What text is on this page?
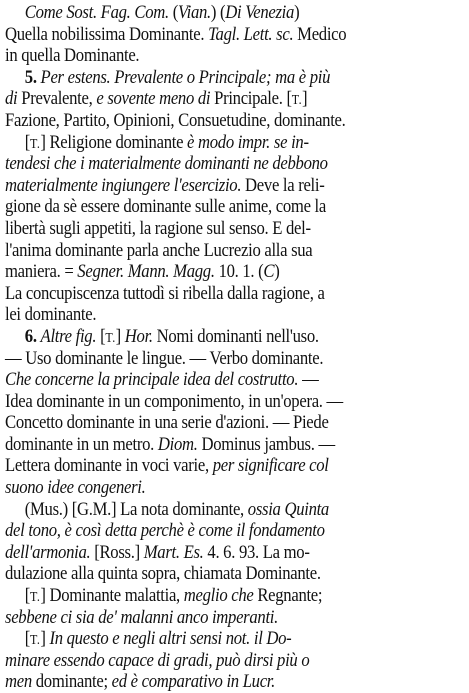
Come Sost. Fag. Com. (Vian.) (Di Venezia)
Quella nobilissima Dominante. Tagl. Lett. sc. Medico
in quella Dominante.
5. Per estens. Prevalente o Principale; ma è più
di Prevalente, e sovente meno di Principale. [T.]
Fazione, Partito, Opinioni, Consuetudine, dominante.
[T.] Religione dominante è modo impr. se in-
tendesi che i materialmente dominanti ne debbono
materialmente ingiungere l'esercizio. Deve la reli-
gione da sè essere dominante sulle anime, come la
libertà sugli appetiti, la ragione sul senso. E del-
l'anima dominante parla anche Lucrezio alla sua
maniera. = Segner. Mann. Magg. 10. 1. (C)
La concupiscenza tuttodì si ribella dalla ragione, a
lei dominante.
6. Altre fig. [T.] Hor. Nomi dominanti nell'uso.
— Uso dominante le lingue. — Verbo dominante.
Che concerne la principale idea del costrutto. —
Idea dominante in un componimento, in un'opera. —
Concetto dominante in una serie d'azioni. — Piede
dominante in un metro. Diom. Dominus jambus. —
Lettera dominante in voci varie, per significare col
suono idee congeneri.
(Mus.) [G.M.] La nota dominante, ossia Quinta
del tono, è così detta perchè è come il fondamento
dell'armonia. [Ross.] Mart. Es. 4. 6. 93. La mo-
dulazione alla quinta sopra, chiamata Dominante.
[T.] Dominante malattia, meglio che Regnante;
sebbene ci sia de' malanni anco imperanti.
[T.] In questo e negli altri sensi not. il Do-
minare essendo capace di gradi, può dirsi più o
men dominante; ed è comparativo in Lucr.
